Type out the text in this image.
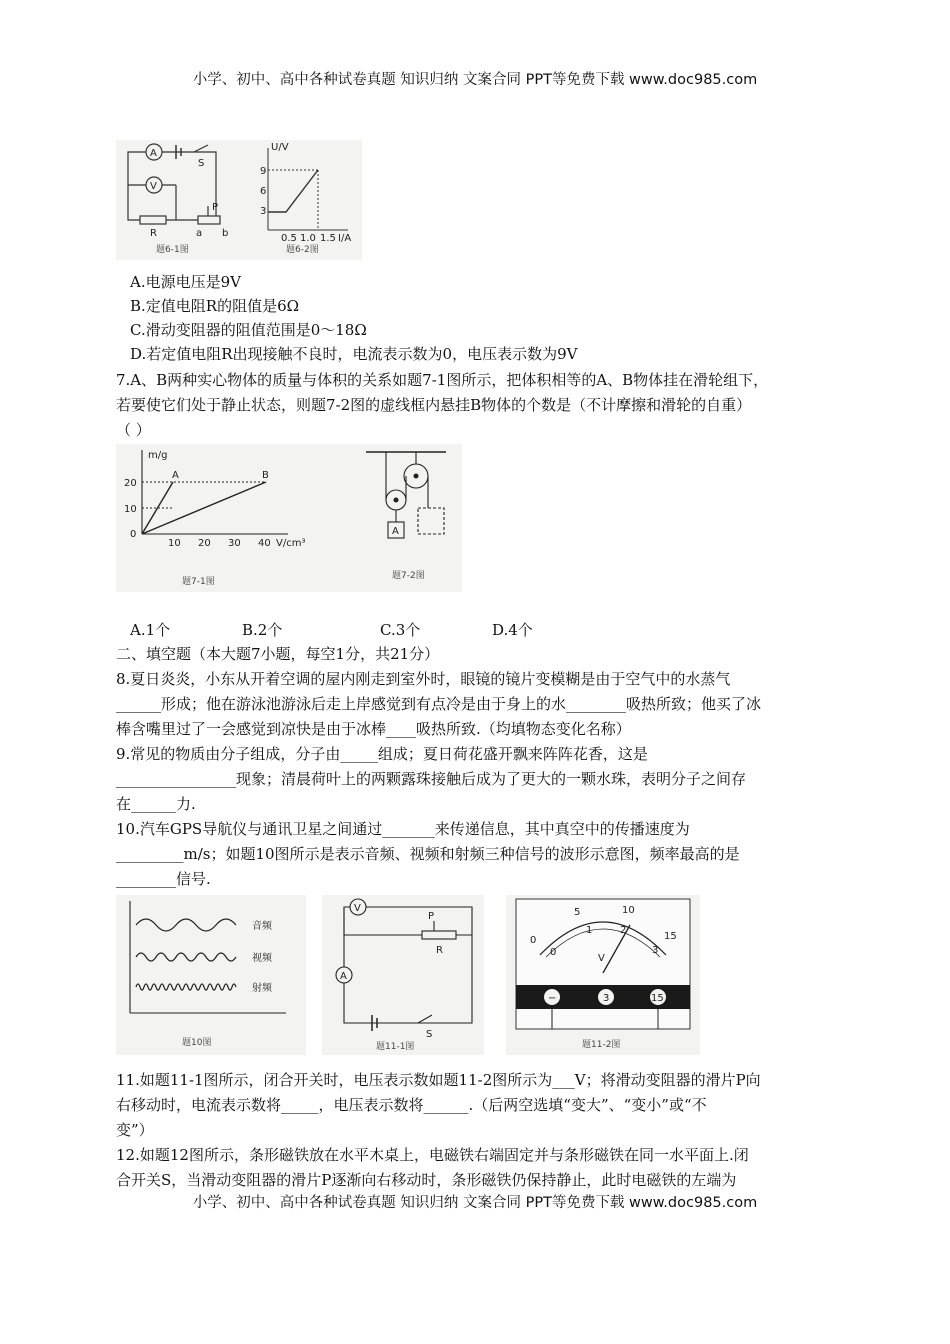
小学、初中、高中各种试卷真题 知识归纳 文案合同 PPT等免费下载 www.doc985.com
A
S
V
R
P
a b
题6-1图
U/V
9
6
3
0.5 1.0 1.5 I/A
题6-2图
A.电源电压是9V
B.定值电阻R的阻值是6Ω
C.滑动变阻器的阻值范围是0～18Ω
D.若定值电阻R出现接触不良时，电流表示数为0，电压表示数为9V
7.A、B两种实心物体的质量与体积的关系如题7-1图所示，把体积相等的A、B物体挂在滑轮组下，
若要使它们处于静止状态，则题7-2图的虚线框内悬挂B物体的个数是（不计摩擦和滑轮的自重）
（ ）
m/g
A	B
20
10
0
10 20 30 40 V/cm³
题7-1图
A
题7-2图
A.1个	B.2个	C.3个	D.4个
二、填空题（本大题7小题，每空1分，共21分）
8.夏日炎炎，小东从开着空调的屋内刚走到室外时，眼镜的镜片变模糊是由于空气中的水蒸气
______形成；他在游泳池游泳后走上岸感觉到有点冷是由于身上的水________吸热所致；他买了冰
棒含嘴里过了一会感觉到凉快是由于冰棒____吸热所致.（均填物态变化名称）
9.常见的物质由分子组成，分子由_____组成；夏日荷花盛开飘来阵阵花香，这是
________________现象；清晨荷叶上的两颗露珠接触后成为了更大的一颗水珠，表明分子之间存
在______力.
10.汽车GPS导航仪与通讯卫星之间通过_______来传递信息，其中真空中的传播速度为
_________m/s；如题10图所示是表示音频、视频和射频三种信号的波形示意图，频率最高的是
________信号.
音频
视频
射频
题10图
V
P
R
A
S
题11-1图
0
5	10
15
0
1	2
3
V
−	3	15
题11-2图
11.如题11-1图所示，闭合开关时，电压表示数如题11-2图所示为___V；将滑动变阻器的滑片P向
右移动时，电流表示数将_____，电压表示数将______.（后两空选填“变大”、“变小”或“不
变”）
12.如题12图所示，条形磁铁放在水平木桌上，电磁铁右端固定并与条形磁铁在同一水平面上.闭
合开关S，当滑动变阻器的滑片P逐渐向右移动时，条形磁铁仍保持静止，此时电磁铁的左端为
小学、初中、高中各种试卷真题 知识归纳 文案合同 PPT等免费下载 www.doc985.com
